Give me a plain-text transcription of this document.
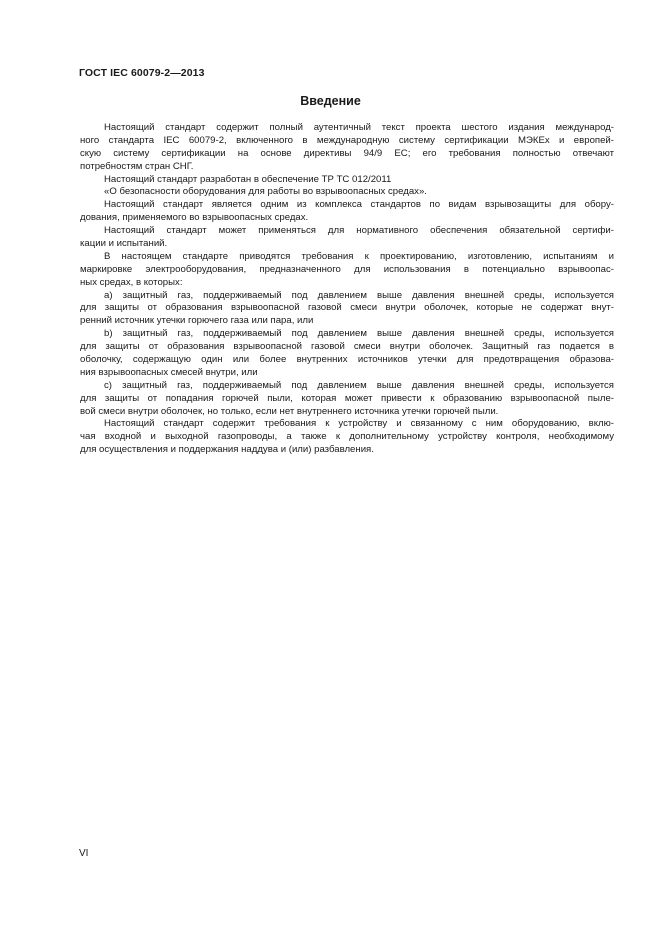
ГОСТ IEC 60079-2—2013
Введение
Настоящий стандарт содержит полный аутентичный текст проекта шестого издания международ-
ного стандарта IEC 60079-2, включенного в международную систему сертификации МЭКЕх и европей-
скую систему сертификации на основе директивы 94/9 ЕС; его требования полностью отвечают
потребностям стран СНГ.
Настоящий стандарт разработан в обеспечение ТР ТС 012/2011
«О безопасности оборудования для работы во взрывоопасных средах».
Настоящий стандарт является одним из комплекса стандартов по видам взрывозащиты для обору-
дования, применяемого во взрывоопасных средах.
Настоящий стандарт может применяться для нормативного обеспечения обязательной сертифи-
кации и испытаний.
В настоящем стандарте приводятся требования к проектированию, изготовлению, испытаниям и
маркировке электрооборудования, предназначенного для использования в потенциально взрывоопас-
ных средах, в которых:
a) защитный газ, поддерживаемый под давлением выше давления внешней среды, используется
для защиты от образования взрывоопасной газовой смеси внутри оболочек, которые не содержат внут-
ренний источник утечки горючего газа или пара, или
b) защитный газ, поддерживаемый под давлением выше давления внешней среды, используется
для защиты от образования взрывоопасной газовой смеси внутри оболочек. Защитный газ подается в
оболочку, содержащую один или более внутренних источников утечки для предотвращения образова-
ния взрывоопасных смесей внутри, или
c) защитный газ, поддерживаемый под давлением выше давления внешней среды, используется
для защиты от попадания горючей пыли, которая может привести к образованию взрывоопасной пыле-
вой смеси внутри оболочек, но только, если нет внутреннего источника утечки горючей пыли.
Настоящий стандарт содержит требования к устройству и связанному с ним оборудованию, вклю-
чая входной и выходной газопроводы, а также к дополнительному устройству контроля, необходимому
для осуществления и поддержания наддува и (или) разбавления.
VI
